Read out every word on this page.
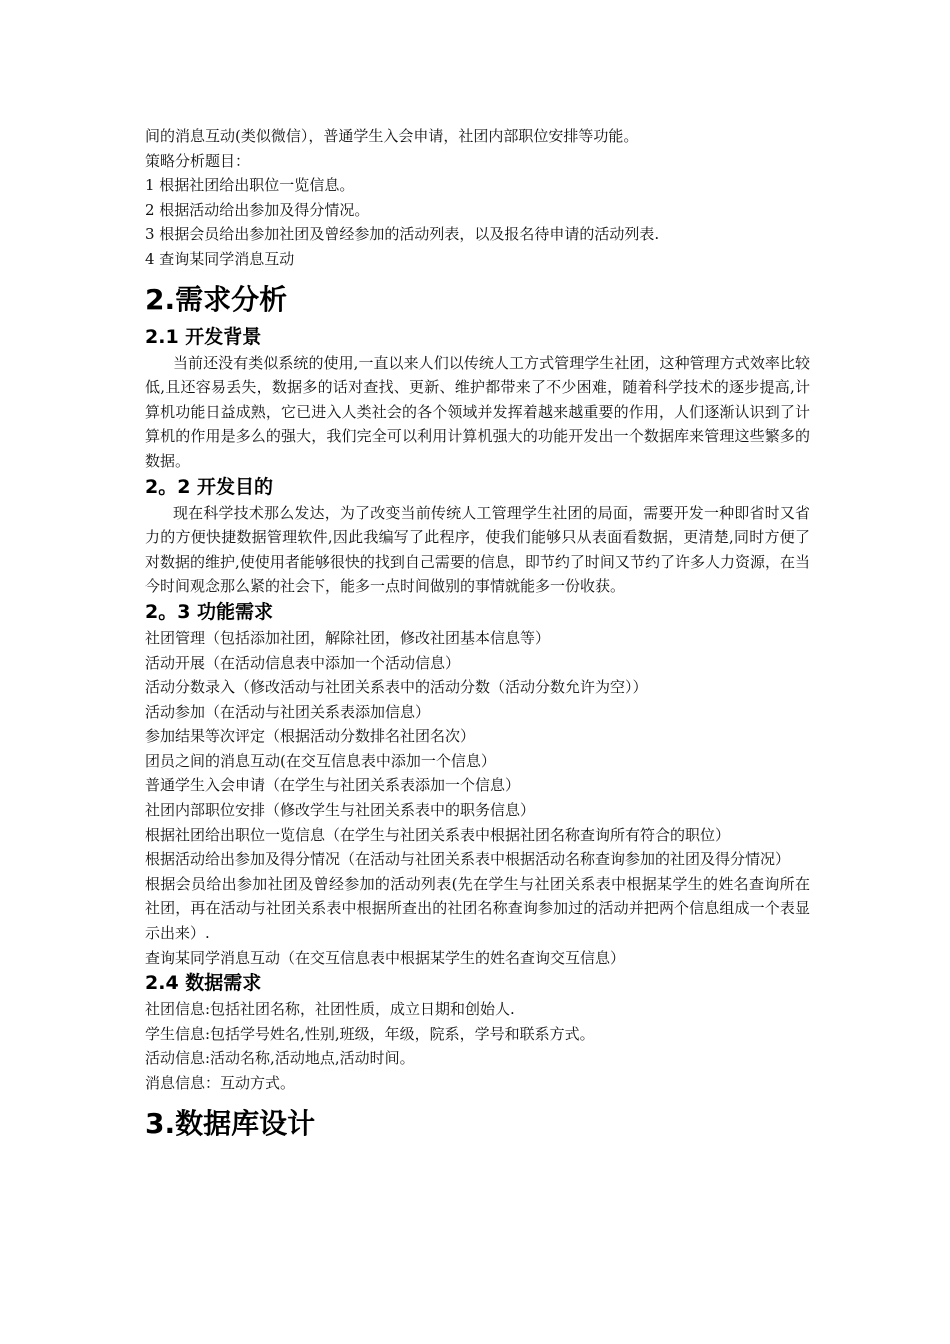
间的消息互动(类似微信），普通学生入会申请，社团内部职位安排等功能。

策略分析题目：

1 根据社团给出职位一览信息。

2 根据活动给出参加及得分情况。

3 根据会员给出参加社团及曾经参加的活动列表，以及报名待申请的活动列表.

4 查询某同学消息互动

2.需求分析
2.1 开发背景

当前还没有类似系统的使用,一直以来人们以传统人工方式管理学生社团，这种管理方式效率比较低,且还容易丢失，数据多的话对查找、更新、维护都带来了不少困难，随着科学技术的逐步提高,计算机功能日益成熟，它已进入人类社会的各个领域并发挥着越来越重要的作用，人们逐渐认识到了计算机的作用是多么的强大，我们完全可以利用计算机强大的功能开发出一个数据库来管理这些繁多的数据。

2。2 开发目的

现在科学技术那么发达，为了改变当前传统人工管理学生社团的局面，需要开发一种即省时又省力的方便快捷数据管理软件,因此我编写了此程序，使我们能够只从表面看数据，更清楚,同时方便了对数据的维护,使使用者能够很快的找到自己需要的信息，即节约了时间又节约了许多人力资源，在当今时间观念那么紧的社会下，能多一点时间做别的事情就能多一份收获。

2。3 功能需求

社团管理（包括添加社团，解除社团，修改社团基本信息等）

活动开展（在活动信息表中添加一个活动信息）

活动分数录入（修改活动与社团关系表中的活动分数（活动分数允许为空））

活动参加（在活动与社团关系表添加信息）

参加结果等次评定（根据活动分数排名社团名次）

团员之间的消息互动(在交互信息表中添加一个信息）

普通学生入会申请（在学生与社团关系表添加一个信息）

社团内部职位安排（修改学生与社团关系表中的职务信息）

根据社团给出职位一览信息（在学生与社团关系表中根据社团名称查询所有符合的职位）

根据活动给出参加及得分情况（在活动与社团关系表中根据活动名称查询参加的社团及得分情况）

根据会员给出参加社团及曾经参加的活动列表(先在学生与社团关系表中根据某学生的姓名查询所在社团，再在活动与社团关系表中根据所查出的社团名称查询参加过的活动并把两个信息组成一个表显示出来）.

查询某同学消息互动（在交互信息表中根据某学生的姓名查询交互信息）

2.4 数据需求

社团信息:包括社团名称，社团性质，成立日期和创始人.

学生信息:包括学号姓名,性别,班级，年级，院系，学号和联系方式。

活动信息:活动名称,活动地点,活动时间。

消息信息：互动方式。

3.数据库设计
